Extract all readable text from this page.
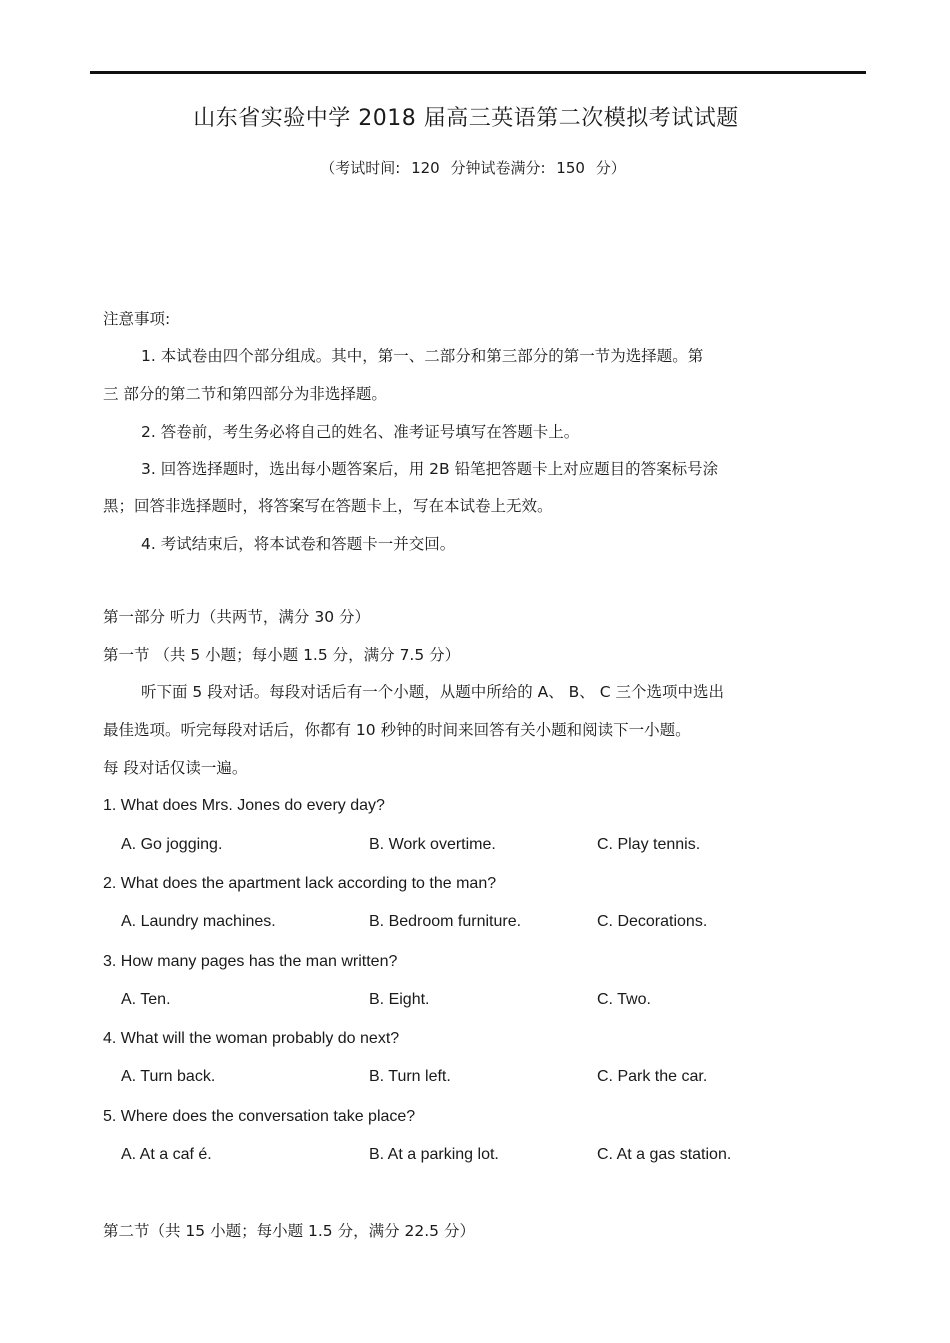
山东省实验中学 2018 届高三英语第二次模拟考试试题
（考试时间: 120 分钟试卷满分: 150 分）
注意事项:
1. 本试卷由四个部分组成。其中，第一、二部分和第三部分的第一节为选择题。第
三 部分的第二节和第四部分为非选择题。
2. 答卷前，考生务必将自己的姓名、准考证号填写在答题卡上。
3. 回答选择题时，选出每小题答案后，用 2B 铅笔把答题卡上对应题目的答案标号涂
黑；回答非选择题时，将答案写在答题卡上，写在本试卷上无效。
4. 考试结束后，将本试卷和答题卡一并交回。
第一部分 听力（共两节，满分 30 分）
第一节 （共 5 小题；每小题 1.5 分，满分 7.5 分）
听下面 5 段对话。每段对话后有一个小题，从题中所给的 A、 B、 C 三个选项中选出
最佳选项。听完每段对话后，你都有 10 秒钟的时间来回答有关小题和阅读下一小题。
每 段对话仅读一遍。
1. What does Mrs. Jones do every day?
A. Go jogging.	B. Work overtime.	C. Play tennis.
2. What does the apartment lack according to the man?
A. Laundry machines.	B. Bedroom furniture.	C. Decorations.
3. How many pages has the man written?
A. Ten.	B. Eight.	C. Two.
4. What will the woman probably do next?
A. Turn back.	B. Turn left.	C. Park the car.
5. Where does the conversation take place?
A. At a caf é.	B. At a parking lot.	C. At a gas station.
第二节（共 15 小题；每小题 1.5 分，满分 22.5 分）
